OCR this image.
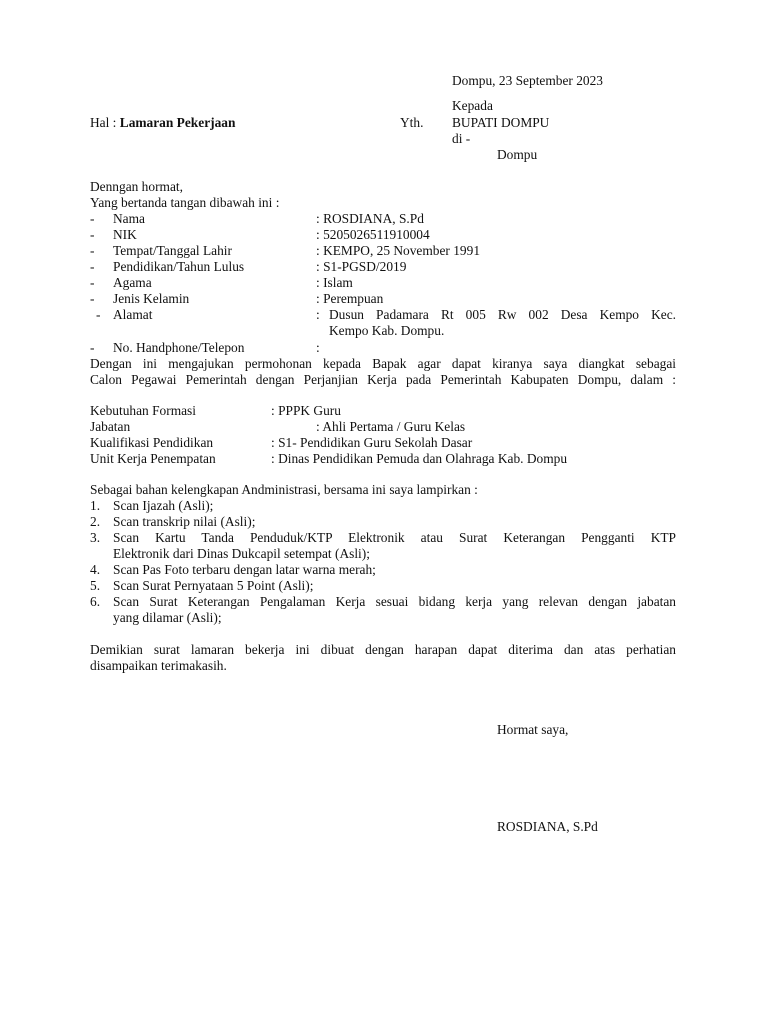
Dompu, 23 September 2023
Kepada
Hal : Lamaran Pekerjaan	Yth. BUPATI DOMPU
di -
Dompu
Denngan hormat,
Yang bertanda tangan dibawah ini :
- Nama	: ROSDIANA, S.Pd
- NIK	: 5205026511910004
- Tempat/Tanggal Lahir	: KEMPO, 25 November 1991
- Pendidikan/Tahun Lulus	: S1-PGSD/2019
- Agama	: Islam
- Jenis Kelamin	: Perempuan
- Alamat	: Dusun Padamara Rt 005 Rw 002 Desa Kempo Kec.
Kempo Kab. Dompu.
- No. Handphone/Telepon	:
Dengan ini mengajukan permohonan kepada Bapak agar dapat kiranya saya diangkat sebagai
Calon Pegawai Pemerintah dengan Perjanjian Kerja pada Pemerintah Kabupaten Dompu, dalam :
Kebutuhan Formasi	: PPPK Guru
Jabatan	: Ahli Pertama / Guru Kelas
Kualifikasi Pendidikan	: S1- Pendidikan Guru Sekolah Dasar
Unit Kerja Penempatan	: Dinas Pendidikan Pemuda dan Olahraga Kab. Dompu
Sebagai bahan kelengkapan Andministrasi, bersama ini saya lampirkan :
1. Scan Ijazah (Asli);
2. Scan transkrip nilai (Asli);
3. Scan Kartu Tanda Penduduk/KTP Elektronik atau Surat Keterangan Pengganti KTP
Elektronik dari Dinas Dukcapil setempat (Asli);
4. Scan Pas Foto terbaru dengan latar warna merah;
5. Scan Surat Pernyataan 5 Point (Asli);
6. Scan Surat Keterangan Pengalaman Kerja sesuai bidang kerja yang relevan dengan jabatan
yang dilamar (Asli);
Demikian surat lamaran bekerja ini dibuat dengan harapan dapat diterima dan atas perhatian
disampaikan terimakasih.
Hormat saya,
ROSDIANA, S.Pd
